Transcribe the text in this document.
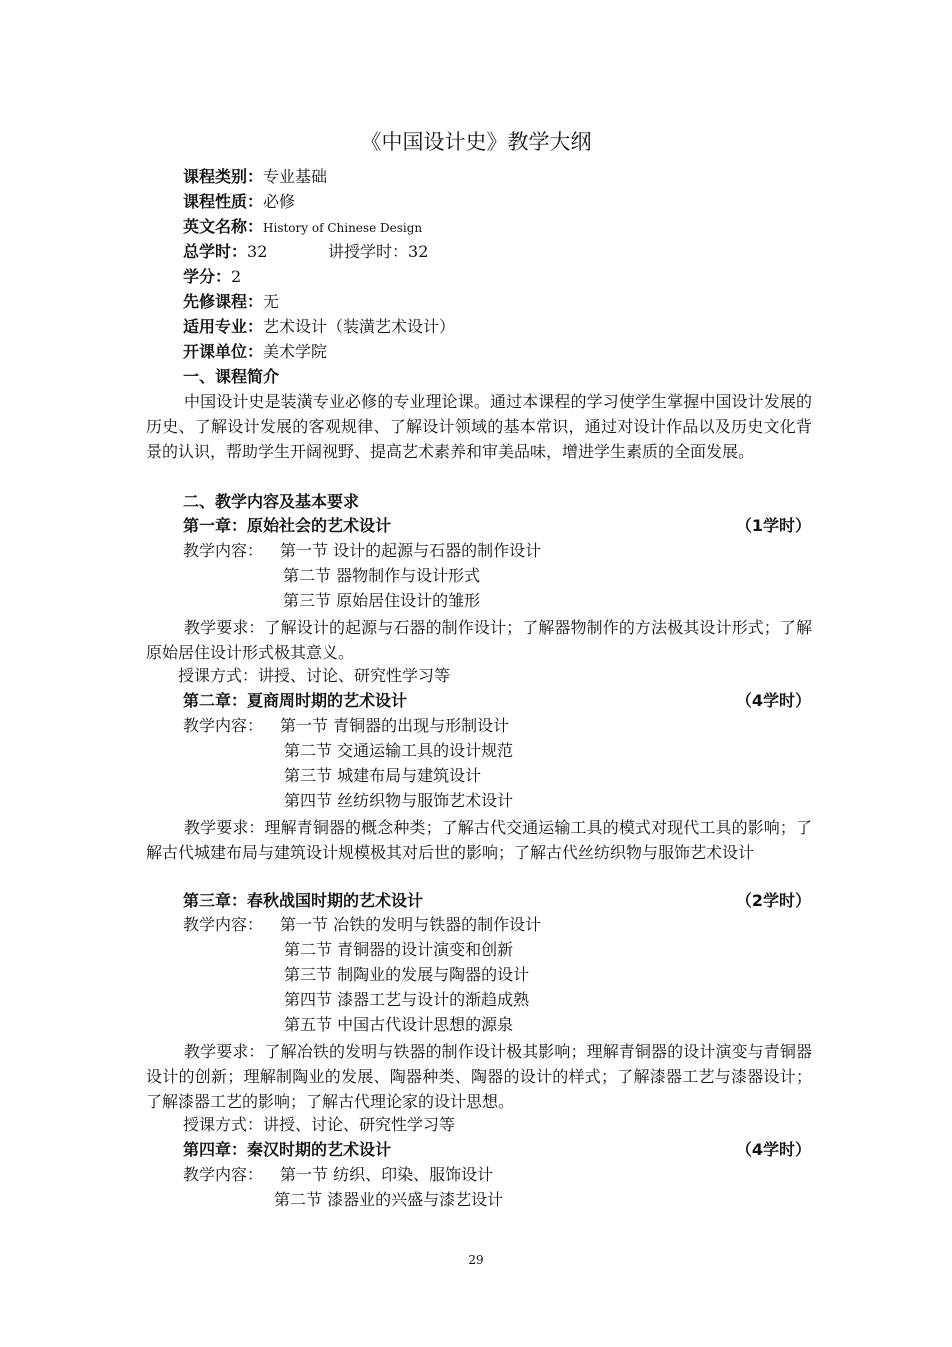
《中国设计史》教学大纲
课程类别：专业基础
课程性质：必修
英文名称：History of Chinese Design
总学时：32	讲授学时：32
学分：2
先修课程：无
适用专业：艺术设计（装潢艺术设计）
开课单位：美术学院
一、课程简介

中国设计史是装潢专业必修的专业理论课。通过本课程的学习使学生掌握中国设计发展的历史、了解设计发展的客观规律、了解设计领域的基本常识，通过对设计作品以及历史文化背景的认识，帮助学生开阔视野、提高艺术素养和审美品味，增进学生素质的全面发展。

二、教学内容及基本要求
第一章：原始社会的艺术设计	（1学时）
教学内容： 第一节 设计的起源与石器的制作设计
第二节 器物制作与设计形式
第三节 原始居住设计的雏形

教学要求：了解设计的起源与石器的制作设计；了解器物制作的方法极其设计形式；了解原始居住设计形式极其意义。

授课方式：讲授、讨论、研究性学习等
第二章：夏商周时期的艺术设计	（4学时）
教学内容： 第一节 青铜器的出现与形制设计
第二节 交通运输工具的设计规范
第三节 城建布局与建筑设计
第四节 丝纺织物与服饰艺术设计

教学要求：理解青铜器的概念种类；了解古代交通运输工具的模式对现代工具的影响；了解古代城建布局与建筑设计规模极其对后世的影响；了解古代丝纺织物与服饰艺术设计

第三章：春秋战国时期的艺术设计	（2学时）
教学内容： 第一节 冶铁的发明与铁器的制作设计
第二节 青铜器的设计演变和创新
第三节 制陶业的发展与陶器的设计
第四节 漆器工艺与设计的渐趋成熟
第五节 中国古代设计思想的源泉

教学要求：了解冶铁的发明与铁器的制作设计极其影响；理解青铜器的设计演变与青铜器设计的创新；理解制陶业的发展、陶器种类、陶器的设计的样式；了解漆器工艺与漆器设计；了解漆器工艺的影响；了解古代理论家的设计思想。

授课方式：讲授、讨论、研究性学习等
第四章：秦汉时期的艺术设计	（4学时）
教学内容： 第一节 纺织、印染、服饰设计
第二节 漆器业的兴盛与漆艺设计
29
